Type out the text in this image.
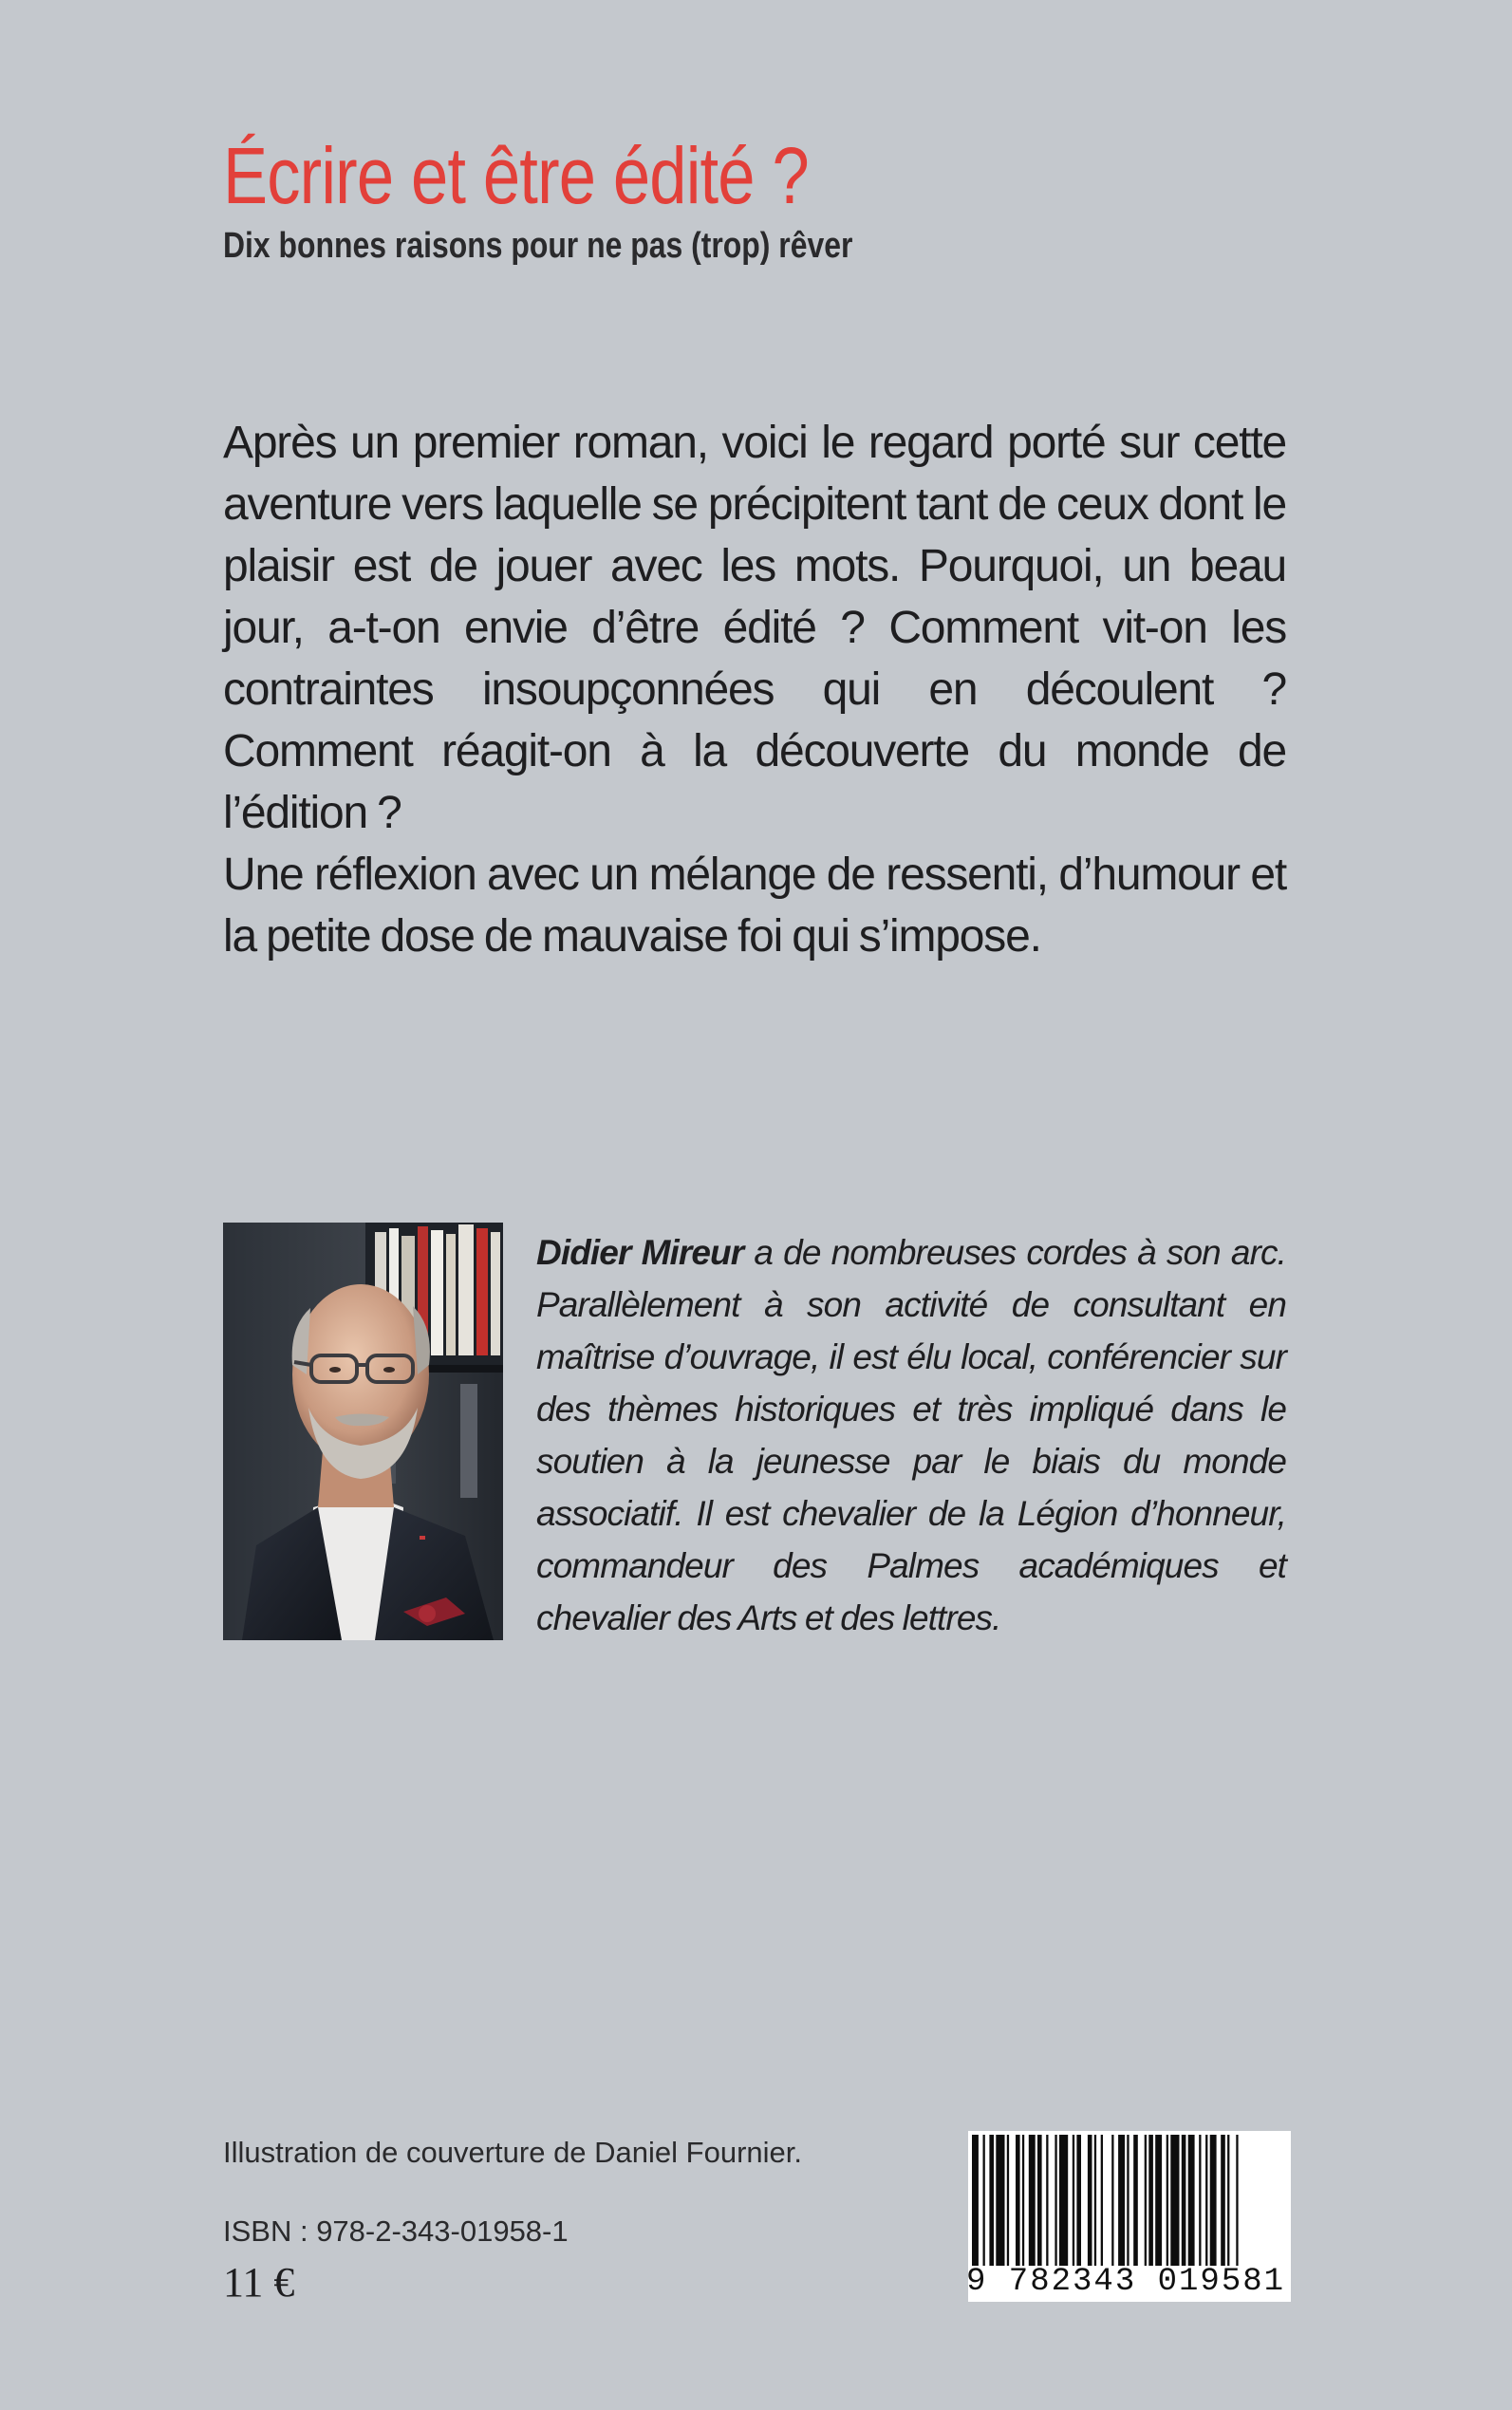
Écrire et être édité ?
Dix bonnes raisons pour ne pas (trop) rêver

Après un premier roman, voici le regard porté sur cette aventure vers laquelle se précipitent tant de ceux dont le plaisir est de jouer avec les mots. Pourquoi, un beau jour, a-t-on envie d’être édité ? Comment vit-on les contraintes insoupçonnées qui en découlent ? Comment réagit-on à la découverte du monde de l’édition ?

Une réflexion avec un mélange de ressenti, d’humour et la petite dose de mauvaise foi qui s’impose.

Didier Mireur a de nombreuses cordes à son arc. Parallèlement à son activité de consultant en maîtrise d’ouvrage, il est élu local, conférencier sur des thèmes historiques et très impliqué dans le soutien à la jeunesse par le biais du monde associatif. Il est chevalier de la Légion d’honneur, commandeur des Palmes académiques et chevalier des Arts et des lettres.

Illustration de couverture de Daniel Fournier.

ISBN : 978-2-343-01958-1

11 €	9 782343 019581
